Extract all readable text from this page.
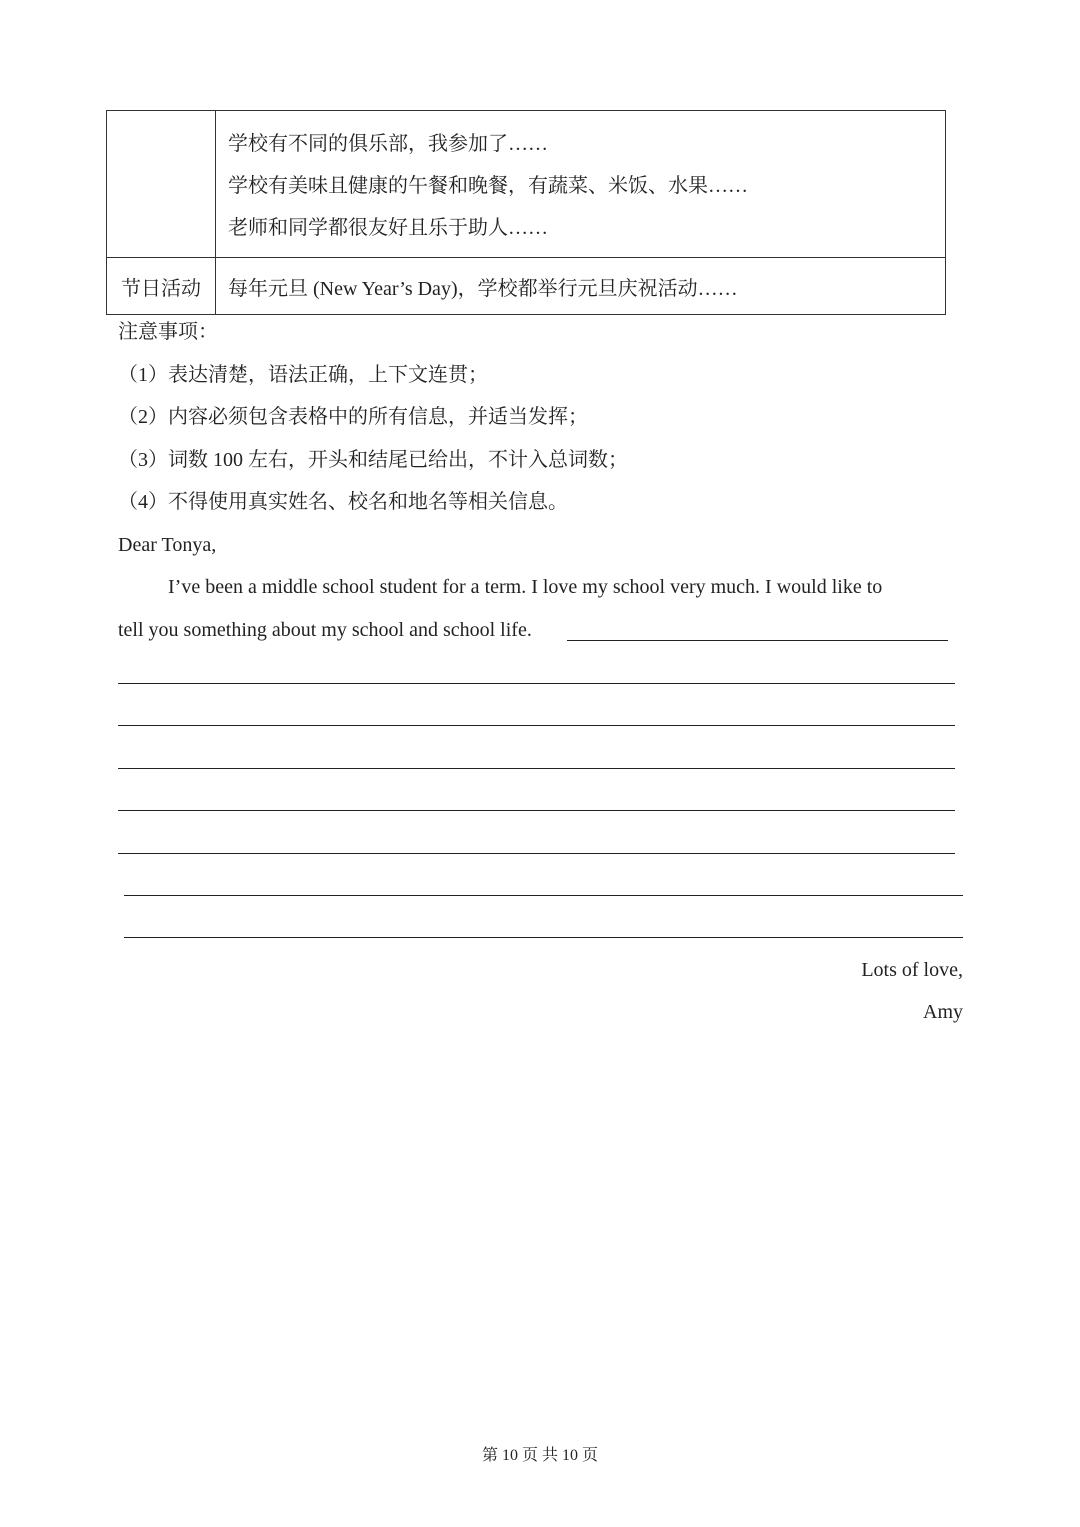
	学校有不同的俱乐部，我参加了……
学校有美味且健康的午餐和晚餐，有蔬菜、米饭、水果……
老师和同学都很友好且乐于助人……

节日活动	每年元旦 (New Year’s Day)，学校都举行元旦庆祝活动……
注意事项：
（1）表达清楚，语法正确，上下文连贯；
（2）内容必须包含表格中的所有信息，并适当发挥；
（3）词数 100 左右，开头和结尾已给出，不计入总词数；
（4）不得使用真实姓名、校名和地名等相关信息。
Dear Tonya,
I’ve been a middle school student for a term. I love my school very much. I would like to
tell you something about my school and school life.
Lots of love,
Amy
第 10 页 共 10 页
